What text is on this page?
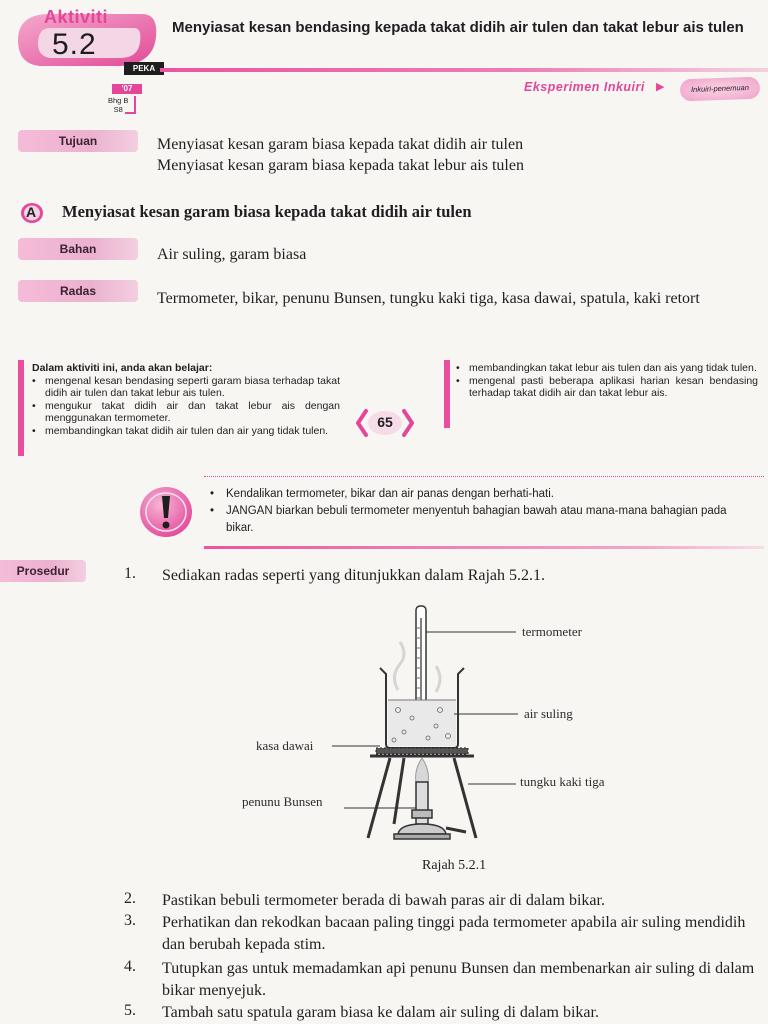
Aktiviti
5.2
PEKA
Menyiasat kesan bendasing kepada takat didih air tulen dan takat lebur ais tulen
'07
Bhg B
S8
Eksperimen Inkuiri ▶	Inkuiri-penemuan
Tujuan	Menyiasat kesan garam biasa kepada takat didih air tulen
Menyiasat kesan garam biasa kepada takat lebur ais tulen
A Menyiasat kesan garam biasa kepada takat didih air tulen
Bahan	Air suling, garam biasa
Radas	Termometer, bikar, penunu Bunsen, tungku kaki tiga, kasa dawai, spatula, kaki retort
Dalam aktiviti ini, anda akan belajar:
• mengenal kesan bendasing seperti garam biasa terhadap takat didih air tulen dan takat lebur ais tulen.
• mengukur takat didih air dan takat lebur ais dengan menggunakan termometer.
• membandingkan takat didih air tulen dan air yang tidak tulen.
• membandingkan takat lebur ais tulen dan ais yang tidak tulen.
• mengenal pasti beberapa aplikasi harian kesan bendasing terhadap takat didih air dan takat lebur ais.
65
• Kendalikan termometer, bikar dan air panas dengan berhati-hati.
• JANGAN biarkan bebuli termometer menyentuh bahagian bawah atau mana-mana bahagian pada bikar.
Prosedur	1. Sediakan radas seperti yang ditunjukkan dalam Rajah 5.2.1.
termometer
air suling
kasa dawai
tungku kaki tiga
penunu Bunsen
Rajah 5.2.1
2. Pastikan bebuli termometer berada di bawah paras air di dalam bikar.
3. Perhatikan dan rekodkan bacaan paling tinggi pada termometer apabila air suling mendidih dan berubah kepada stim.
4. Tutupkan gas untuk memadamkan api penunu Bunsen dan membenarkan air suling di dalam bikar menyejuk.
5. Tambah satu spatula garam biasa ke dalam air suling di dalam bikar.
